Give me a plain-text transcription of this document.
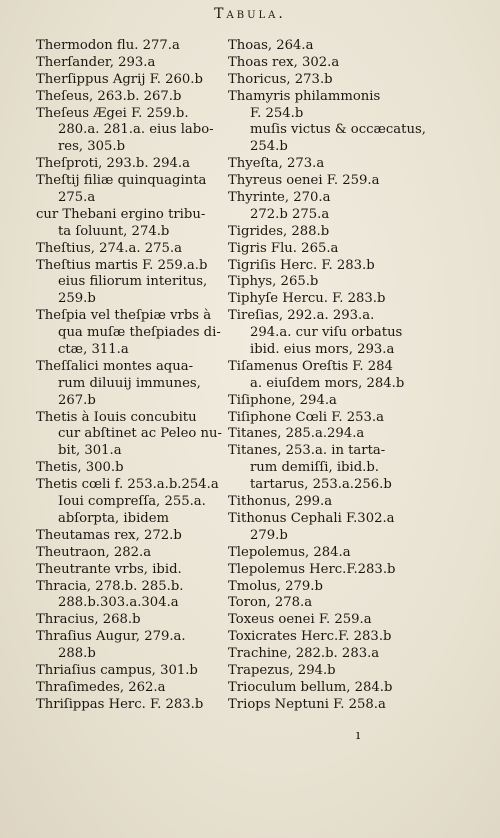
Tabula.
Thermodon flu. 277.a
Therſander, 293.a
Therſippus Agrij F. 260.b
Theſeus, 263.b. 267.b
Theſeus Ægei F. 259.b.
280.a. 281.a. eius labo-
res, 305.b
Theſproti, 293.b. 294.a
Theſtij filiæ quinquaginta
275.a
cur Thebani ergino tribu-
ta ſoluunt, 274.b
Theſtius, 274.a. 275.a
Theſtius martis F. 259.a.b
eius filiorum interitus,
259.b
Theſpia vel theſpiæ vrbs à
qua muſæ theſpiades di-
ctæ, 311.a
Theſſalici montes aqua-
rum diluuij immunes,
267.b
Thetis à Iouis concubitu
cur abſtinet ac Peleo nu-
bit, 301.a
Thetis, 300.b
Thetis cœli f. 253.a.b.254.a
Ioui compreſſa, 255.a.
abſorpta, ibidem
Theutamas rex, 272.b
Theutraon, 282.a
Theutrante vrbs, ibid.
Thracia, 278.b. 285.b.
288.b.303.a.304.a
Thracius, 268.b
Thraſius Augur, 279.a.
288.b
Thriaſius campus, 301.b
Thraſimedes, 262.a
Thriſippas Herc. F. 283.b
Thoas, 264.a
Thoas rex, 302.a
Thoricus, 273.b
Thamyris philammonis
F. 254.b
muſis victus & occæcatus,
254.b
Thyeſta, 273.a
Thyreus oenei F. 259.a
Thyrinte, 270.a
272.b 275.a
Tigrides, 288.b
Tigris Flu. 265.a
Tigriſis Herc. F. 283.b
Tiphys, 265.b
Tiphyſe Hercu. F. 283.b
Tireſias, 292.a. 293.a.
294.a. cur viſu orbatus
ibid. eius mors, 293.a
Tiſamenus Oreſtis F. 284
a. eiuſdem mors, 284.b
Tiſiphone, 294.a
Tiſiphone Cœli F. 253.a
Titanes, 285.a.294.a
Titanes, 253.a. in tarta-
rum demiſſi, ibid.b.
tartarus, 253.a.256.b
Tithonus, 299.a
Tithonus Cephali F.302.a
279.b
Tlepolemus, 284.a
Tlepolemus Herc.F.283.b
Tmolus, 279.b
Toron, 278.a
Toxeus oenei F. 259.a
Toxicrates Herc.F. 283.b
Trachine, 282.b. 283.a
Trapezus, 294.b
Trioculum bellum, 284.b
Triops Neptuni F. 258.a
ı
